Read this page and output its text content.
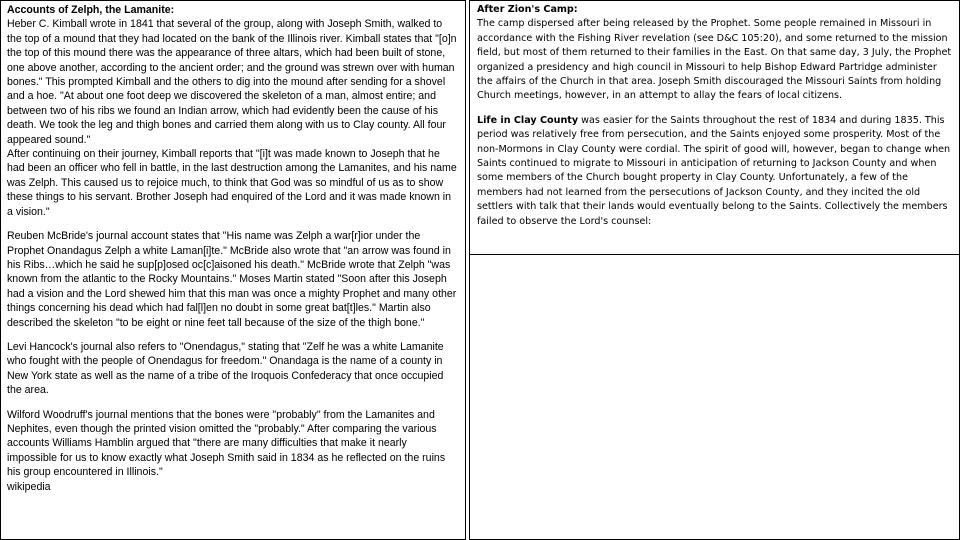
Accounts of Zelph, the Lamanite:

Heber C. Kimball wrote in 1841 that several of the group, along with Joseph Smith, walked to the top of a mound that they had located on the bank of the Illinois river. Kimball states that "[o]n the top of this mound there was the appearance of three altars, which had been built of stone, one above another, according to the ancient order; and the ground was strewn over with human bones." This prompted Kimball and the others to dig into the mound after sending for a shovel and a hoe. "At about one foot deep we discovered the skeleton of a man, almost entire; and between two of his ribs we found an Indian arrow, which had evidently been the cause of his death. We took the leg and thigh bones and carried them along with us to Clay county. All four appeared sound."

After continuing on their journey, Kimball reports that "[i]t was made known to Joseph that he had been an officer who fell in battle, in the last destruction among the Lamanites, and his name was Zelph. This caused us to rejoice much, to think that God was so mindful of us as to show these things to his servant. Brother Joseph had enquired of the Lord and it was made known in a vision."

Reuben McBride's journal account states that "His name was Zelph a war[r]ior under the Prophet Onandagus Zelph a white Laman[i]te." McBride also wrote that "an arrow was found in his Ribs…which he said he sup[p]osed oc[c]aisoned his death." McBride wrote that Zelph "was known from the atlantic to the Rocky Mountains." Moses Martin stated "Soon after this Joseph had a vision and the Lord shewed him that this man was once a mighty Prophet and many other things concerning his dead which had fal[l]en no doubt in some great bat[t]les." Martin also described the skeleton "to be eight or nine feet tall because of the size of the thigh bone."

Levi Hancock's journal also refers to "Onendagus," stating that "Zelf he was a white Lamanite who fought with the people of Onendagus for freedom." Onandaga is the name of a county in New York state as well as the name of a tribe of the Iroquois Confederacy that once occupied the area.

Wilford Woodruff's journal mentions that the bones were "probably" from the Lamanites and Nephites, even though the printed vision omitted the "probably." After comparing the various accounts Williams Hamblin argued that "there are many difficulties that make it nearly impossible for us to know exactly what Joseph Smith said in 1834 as he reflected on the ruins his group encountered in Illinois."

wikipedia

After Zion's Camp:

The camp dispersed after being released by the Prophet. Some people remained in Missouri in accordance with the Fishing River revelation (see D&C 105:20), and some returned to the mission field, but most of them returned to their families in the East. On that same day, 3 July, the Prophet organized a presidency and high council in Missouri to help Bishop Edward Partridge administer the affairs of the Church in that area. Joseph Smith discouraged the Missouri Saints from holding Church meetings, however, in an attempt to allay the fears of local citizens.

Life in Clay County was easier for the Saints throughout the rest of 1834 and during 1835. This period was relatively free from persecution, and the Saints enjoyed some prosperity. Most of the non-Mormons in Clay County were cordial. The spirit of good will, however, began to change when Saints continued to migrate to Missouri in anticipation of returning to Jackson County and when some members of the Church bought property in Clay County. Unfortunately, a few of the members had not learned from the persecutions of Jackson County, and they incited the old settlers with talk that their lands would eventually belong to the Saints. Collectively the members failed to observe the Lord's counsel:
